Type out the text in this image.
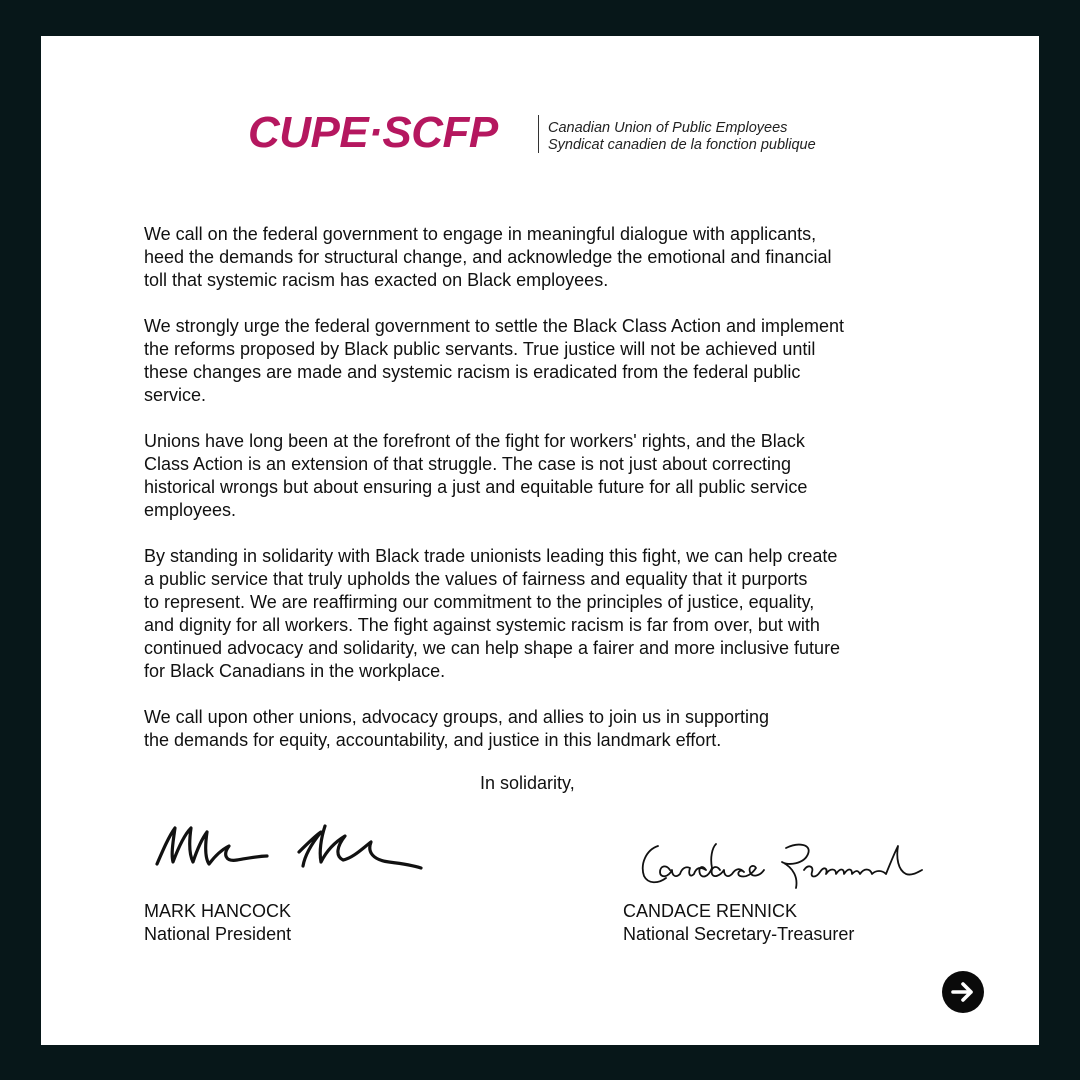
CUPE·SCFP	Canadian Union of Public Employees
Syndicat canadien de la fonction publique

We call on the federal government to engage in meaningful dialogue with applicants,
heed the demands for structural change, and acknowledge the emotional and financial
toll that systemic racism has exacted on Black employees.

We strongly urge the federal government to settle the Black Class Action and implement
the reforms proposed by Black public servants. True justice will not be achieved until
these changes are made and systemic racism is eradicated from the federal public
service.

Unions have long been at the forefront of the fight for workers' rights, and the Black
Class Action is an extension of that struggle. The case is not just about correcting
historical wrongs but about ensuring a just and equitable future for all public service
employees.

By standing in solidarity with Black trade unionists leading this fight, we can help create
a public service that truly upholds the values of fairness and equality that it purports
to represent. We are reaffirming our commitment to the principles of justice, equality,
and dignity for all workers. The fight against systemic racism is far from over, but with
continued advocacy and solidarity, we can help shape a fairer and more inclusive future
for Black Canadians in the workplace.

We call upon other unions, advocacy groups, and allies to join us in supporting
the demands for equity, accountability, and justice in this landmark effort.

In solidarity,
MARK HANCOCK
National President
CANDACE RENNICK
National Secretary-Treasurer
